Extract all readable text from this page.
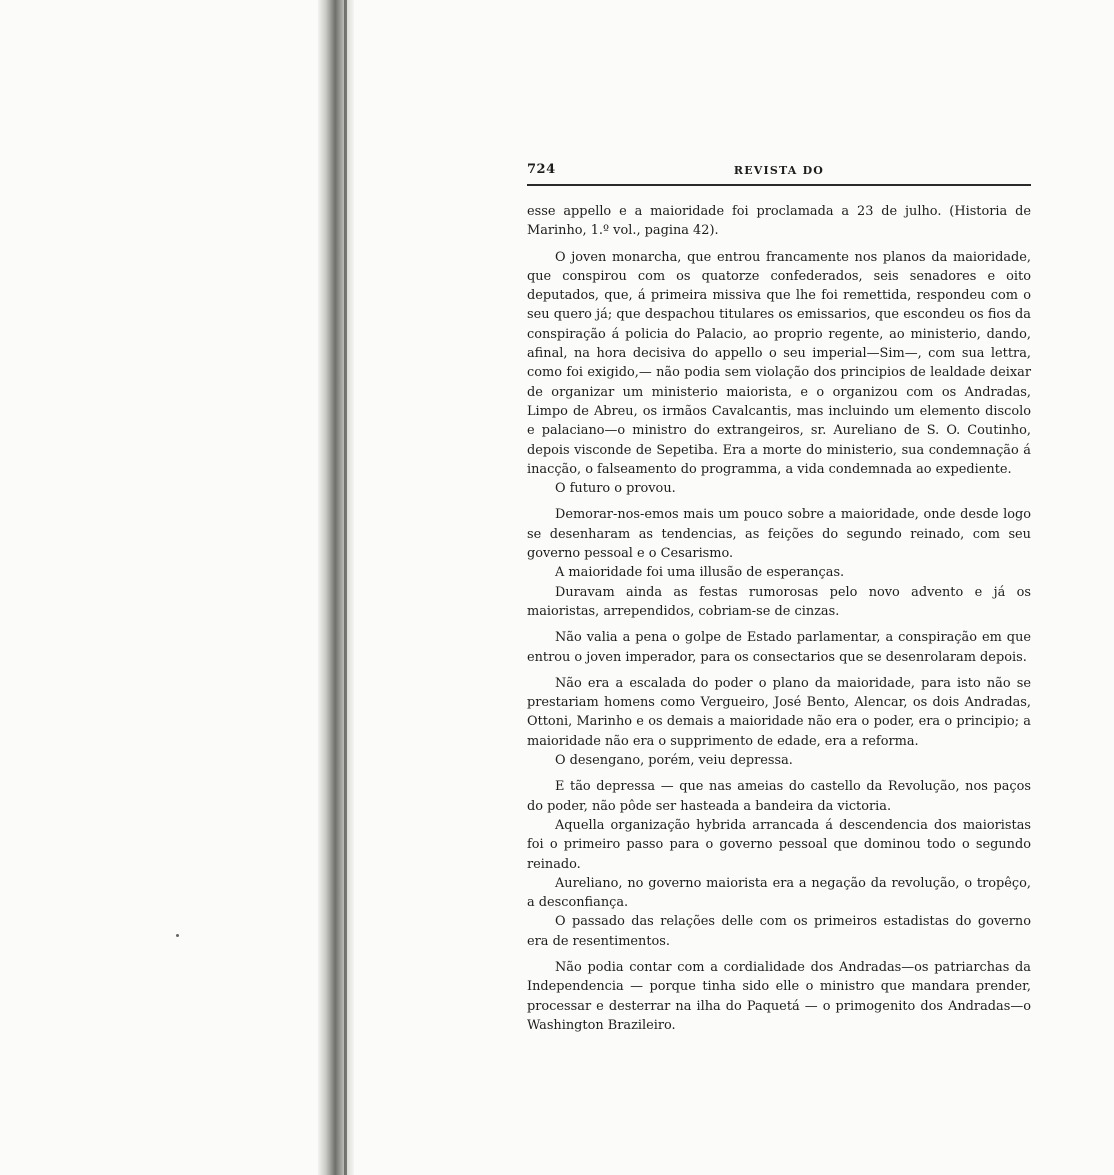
724	REVISTA DO

esse appello e a maioridade foi proclamada a 23 de julho. (Historia de Marinho, 1.º vol., pagina 42).

O joven monarcha, que entrou francamente nos planos da maioridade, que conspirou com os quatorze confederados, seis senadores e oito deputados, que, á primeira missiva que lhe foi remettida, respondeu com o seu quero já; que despachou titulares os emissarios, que escondeu os fios da conspiração á policia do Palacio, ao proprio regente, ao ministerio, dando, afinal, na hora decisiva do appello o seu imperial—Sim—, com sua lettra, como foi exigido,— não podia sem violação dos principios de lealdade deixar de organizar um ministerio maiorista, e o organizou com os Andradas, Limpo de Abreu, os irmãos Cavalcantis, mas incluindo um elemento discolo e palaciano—o ministro do extrangeiros, sr. Aureliano de S. O. Coutinho, depois visconde de Sepetiba. Era a morte do ministerio, sua condemnação á inacção, o falseamento do programma, a vida condemnada ao expediente.

O futuro o provou.

Demorar-nos-emos mais um pouco sobre a maioridade, onde desde logo se desenharam as tendencias, as feições do segundo reinado, com seu governo pessoal e o Cesarismo.

A maioridade foi uma illusão de esperanças.

Duravam ainda as festas rumorosas pelo novo advento e já os maioristas, arrependidos, cobriam-se de cinzas.

Não valia a pena o golpe de Estado parlamentar, a conspiração em que entrou o joven imperador, para os consectarios que se desenrolaram depois.

Não era a escalada do poder o plano da maioridade, para isto não se prestariam homens como Vergueiro, José Bento, Alencar, os dois Andradas, Ottoni, Marinho e os demais a maioridade não era o poder, era o principio; a maioridade não era o supprimento de edade, era a reforma.

O desengano, porém, veiu depressa.

E tão depressa — que nas ameias do castello da Revolução, nos paços do poder, não pôde ser hasteada a bandeira da victoria.

Aquella organização hybrida arrancada á descendencia dos maioristas foi o primeiro passo para o governo pessoal que dominou todo o segundo reinado.

Aureliano, no governo maiorista era a negação da revolução, o tropêço, a desconfiança.

O passado das relações delle com os primeiros estadistas do governo era de resentimentos.

Não podia contar com a cordialidade dos Andradas—os patriarchas da Independencia — porque tinha sido elle o ministro que mandara prender, processar e desterrar na ilha do Paquetá — o primogenito dos Andradas—o Washington Brazileiro.
